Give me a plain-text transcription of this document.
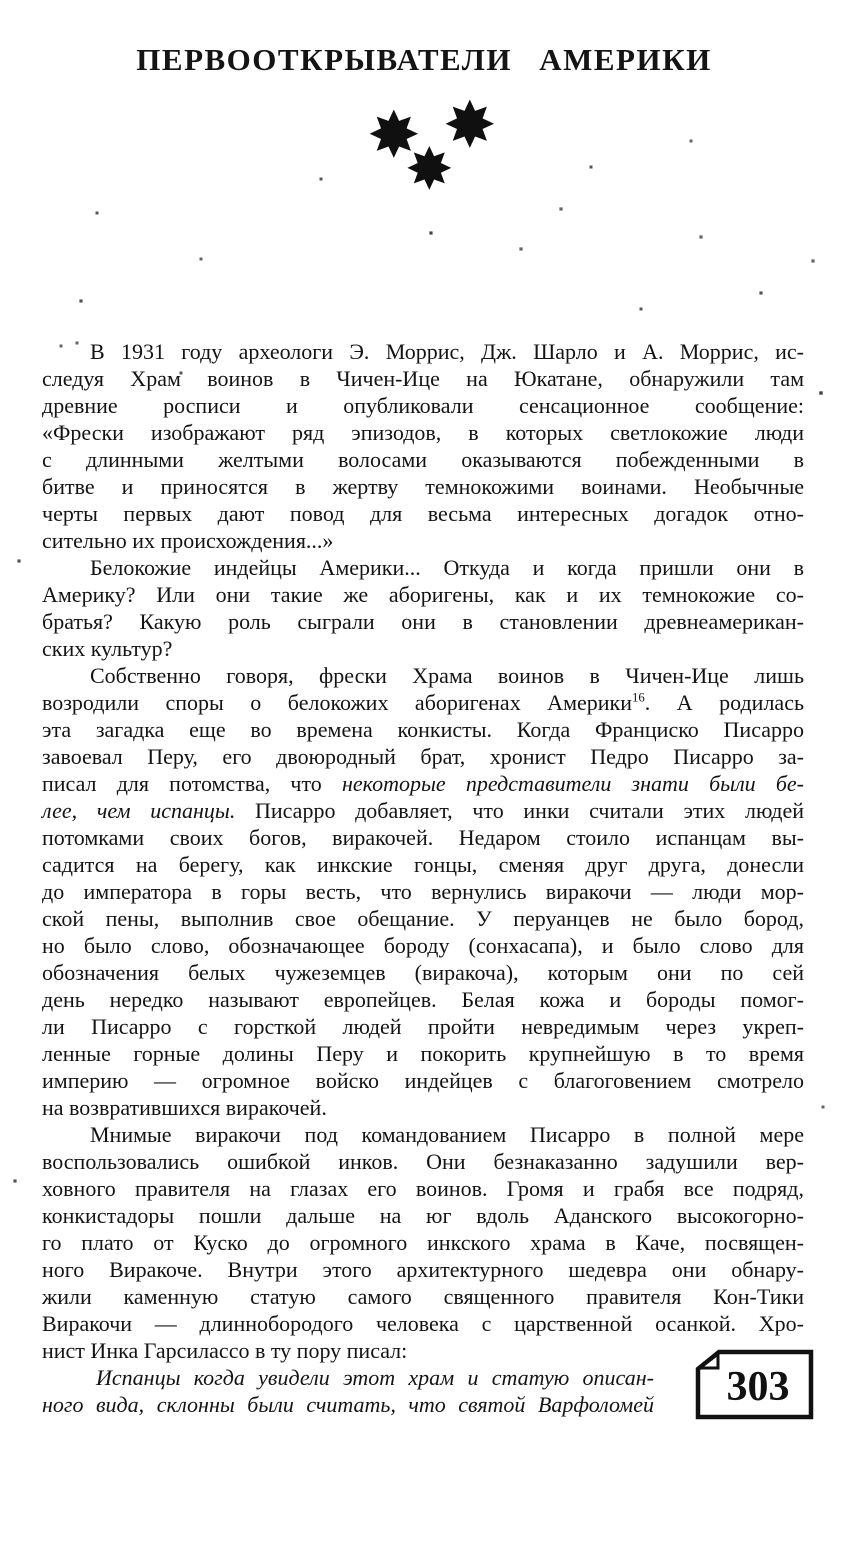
ПЕРВООТКРЫВАТЕЛИ АМЕРИКИ
✸ ✸
✸
В 1931 году археологи Э. Моррис, Дж. Шарло и А. Моррис, ис-
следуя Храм воинов в Чичен-Ице на Юкатане, обнаружили там
древние росписи и опубликовали сенсационное сообщение:
«Фрески изображают ряд эпизодов, в которых светлокожие люди
с длинными желтыми волосами оказываются побежденными в
битве и приносятся в жертву темнокожими воинами. Необычные
черты первых дают повод для весьма интересных догадок отно-
сительно их происхождения...»
Белокожие индейцы Америки... Откуда и когда пришли они в
Америку? Или они такие же аборигены, как и их темнокожие со-
братья? Какую роль сыграли они в становлении древнеамерикан-
ских культур?
Собственно говоря, фрески Храма воинов в Чичен-Ице лишь
возродили споры о белокожих аборигенах Америки$^{16}$. А родилась
эта загадка еще во времена конкисты. Когда Франциско Писарро
завоевал Перу, его двоюродный брат, хронист Педро Писарро за-
писал для потомства, что некоторые представители знати были бе-
лее, чем испанцы. Писарро добавляет, что инки считали этих людей
потомками своих богов, виракочей. Недаром стоило испанцам вы-
садится на берегу, как инкские гонцы, сменяя друг друга, донесли
до императора в горы весть, что вернулись виракочи — люди мор-
ской пены, выполнив свое обещание. У перуанцев не было бород,
но было слово, обозначающее бороду (сонхасапа), и было слово для
обозначения белых чужеземцев (виракоча), которым они по сей
день нередко называют европейцев. Белая кожа и бороды помог-
ли Писарро с горсткой людей пройти невредимым через укреп-
ленные горные долины Перу и покорить крупнейшую в то время
империю — огромное войско индейцев с благоговением смотрело
на возвратившихся виракочей.
Мнимые виракочи под командованием Писарро в полной мере
воспользовались ошибкой инков. Они безнаказанно задушили вер-
ховного правителя на глазах его воинов. Громя и грабя все подряд,
конкистадоры пошли дальше на юг вдоль Аданского высокогорно-
го плато от Куско до огромного инкского храма в Каче, посвящен-
ного Виракоче. Внутри этого архитектурного шедевра они обнару-
жили каменную статую самого священного правителя Кон-Тики
Виракочи — длиннобородого человека с царственной осанкой. Хро-
нист Инка Гарсилассо в ту пору писал:
Испанцы когда увидели этот храм и статую описан-
ного вида, склонны были считать, что святой Варфоломей 303
